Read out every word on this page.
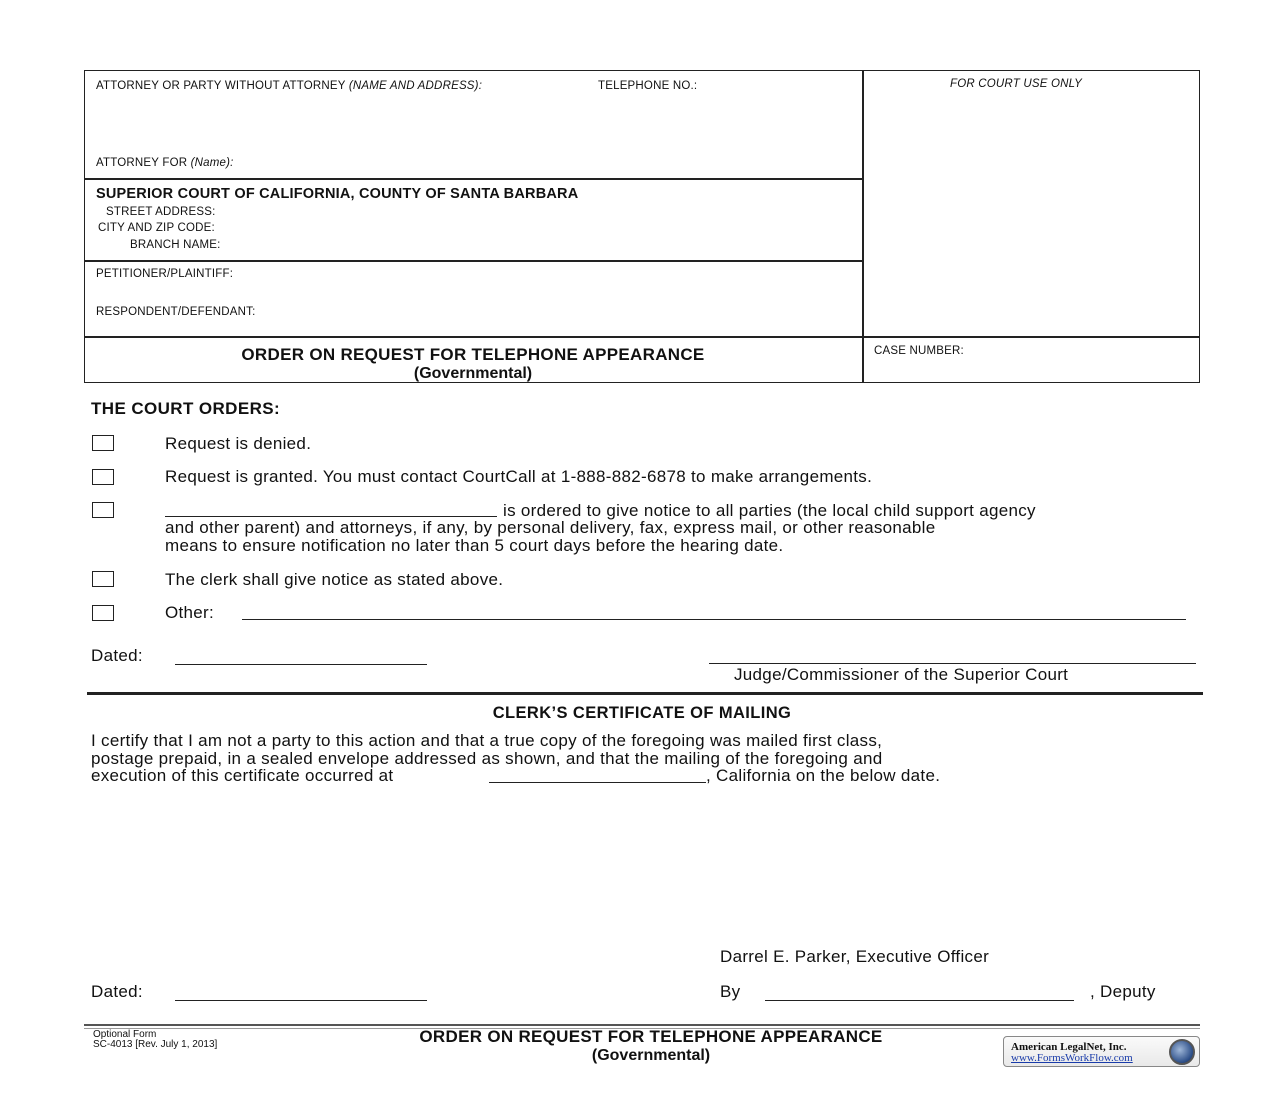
ATTORNEY OR PARTY WITHOUT ATTORNEY (NAME AND ADDRESS):	TELEPHONE NO.:
ATTORNEY FOR (Name):
FOR COURT USE ONLY
SUPERIOR COURT OF CALIFORNIA, COUNTY OF SANTA BARBARA
STREET ADDRESS:
CITY AND ZIP CODE:
BRANCH NAME:
PETITIONER/PLAINTIFF:
RESPONDENT/DEFENDANT:
ORDER ON REQUEST FOR TELEPHONE APPEARANCE
(Governmental)
CASE NUMBER:
THE COURT ORDERS:
Request is denied.
Request is granted. You must contact CourtCall at 1-888-882-6878 to make arrangements.
is ordered to give notice to all parties (the local child support agency
and other parent) and attorneys, if any, by personal delivery, fax, express mail, or other reasonable
means to ensure notification no later than 5 court days before the hearing date.
The clerk shall give notice as stated above.
Other:
Dated:
Judge/Commissioner of the Superior Court
CLERK’S CERTIFICATE OF MAILING
I certify that I am not a party to this action and that a true copy of the foregoing was mailed first class,
postage prepaid, in a sealed envelope addressed as shown, and that the mailing of the foregoing and
execution of this certificate occurred at	, California on the below date.
Darrel E. Parker, Executive Officer
Dated:	By	, Deputy
Optional Form
SC-4013 [Rev. July 1, 2013]	ORDER ON REQUEST FOR TELEPHONE APPEARANCE
(Governmental)	American LegalNet, Inc.
www.FormsWorkFlow.com
